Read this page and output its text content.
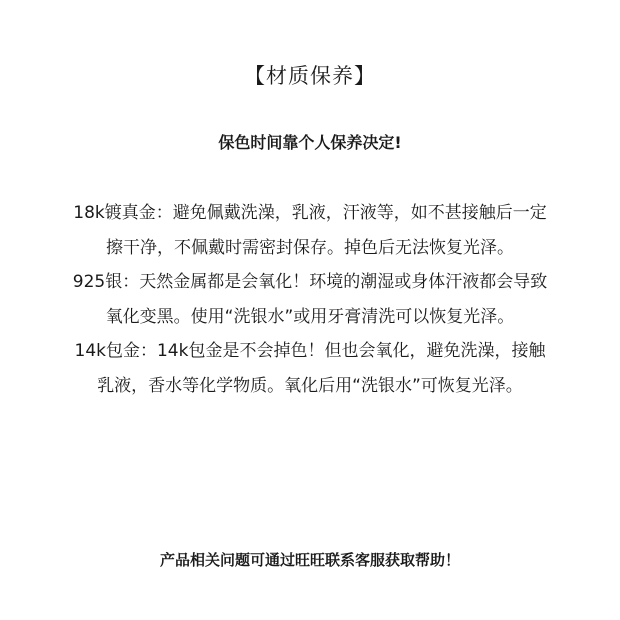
【材质保养】
保色时间靠个人保养决定!
18k镀真金：避免佩戴洗澡，乳液，汗液等，如不甚接触后一定
擦干净，不佩戴时需密封保存。掉色后无法恢复光泽。
925银：天然金属都是会氧化！环境的潮湿或身体汗液都会导致
氧化变黑。使用“洗银水”或用牙膏清洗可以恢复光泽。
14k包金：14k包金是不会掉色！但也会氧化，避免洗澡，接触
乳液，香水等化学物质。氧化后用“洗银水”可恢复光泽。
产品相关问题可通过旺旺联系客服获取帮助！
